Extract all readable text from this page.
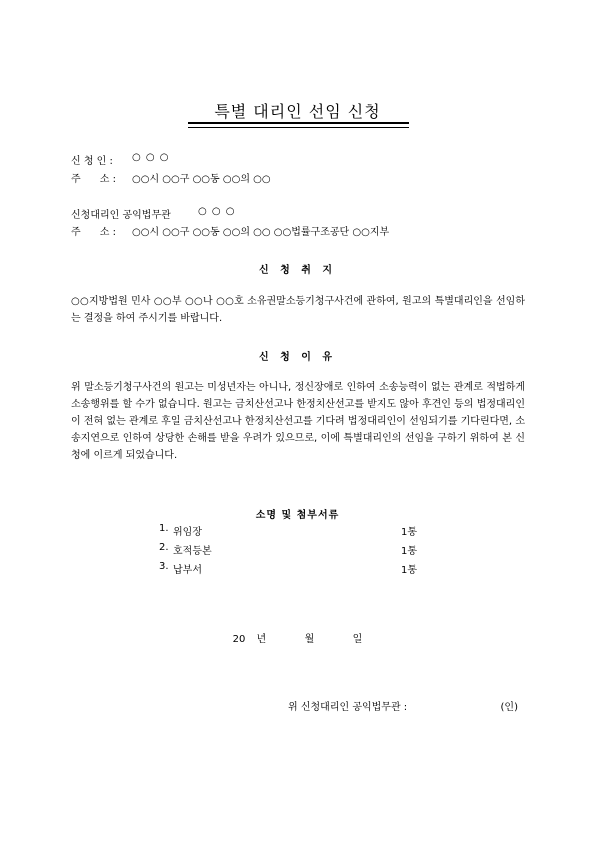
특별 대리인 선임 신청
신 청 인 : ○ ○ ○
주      소 : ○○시 ○○구 ○○동 ○○의 ○○
신청대리인 공익법무관	○ ○ ○
주      소 : ○○시 ○○구 ○○동 ○○의 ○○ ○○법률구조공단 ○○지부
신 청 취 지
○○지방법원 민사 ○○부 ○○나 ○○호 소유권말소등기청구사건에 관하여, 원고의 특별대리인을 선임하는 결정을 하여 주시기를 바랍니다.
신 청 이 유
위 말소등기청구사건의 원고는 미성년자는 아니나, 정신장애로 인하여 소송능력이 없는 관계로 적법하게 소송행위를 할 수가 없습니다. 원고는 금치산선고나 한정치산선고를 받지도 않아 후견인 등의 법정대리인이 전혀 없는 관계로 후일 금치산선고나 한정치산선고를 기다려 법정대리인이 선임되기를 기다린다면, 소송지연으로 인하여 상당한 손해를 받을 우려가 있으므로, 이에 특별대리인의 선임을 구하기 위하여 본 신청에 이르게 되었습니다.
소명 및 첨부서류
1. 위임장	1통
2. 호적등본	1통
3. 납부서	1통
20 년	월	일
위 신청대리인 공익법무관 :	(인)
